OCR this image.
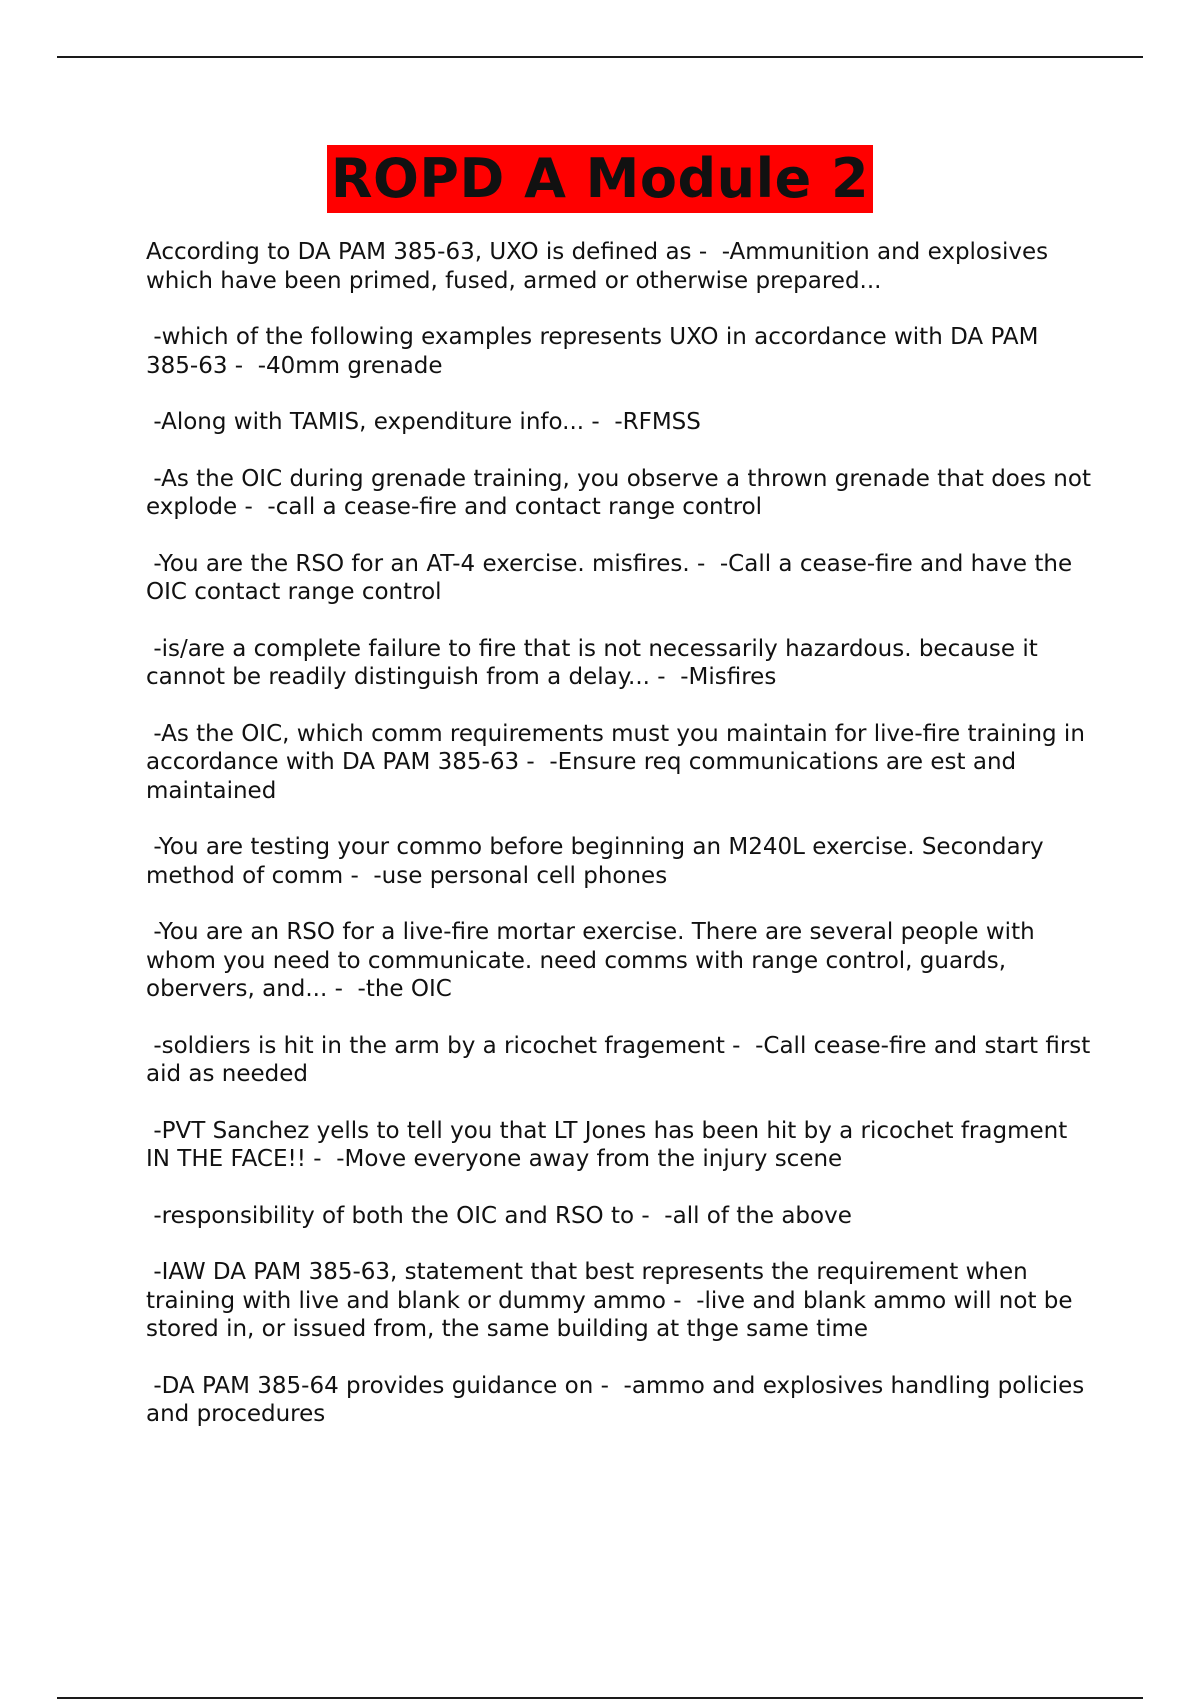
ROPD A Module 2

According to DA PAM 385-63, UXO is defined as -  -Ammunition and explosives which have been primed, fused, armed or otherwise prepared...

-which of the following examples represents UXO in accordance with DA PAM 385-63 -  -40mm grenade

-Along with TAMIS, expenditure info... -  -RFMSS

-As the OIC during grenade training, you observe a thrown grenade that does not explode -  -call a cease-fire and contact range control

-You are the RSO for an AT-4 exercise. misfires. -  -Call a cease-fire and have the OIC contact range control

-is/are a complete failure to fire that is not necessarily hazardous. because it cannot be readily distinguish from a delay... -  -Misfires

-As the OIC, which comm requirements must you maintain for live-fire training in accordance with DA PAM 385-63 -  -Ensure req communications are est and maintained

-You are testing your commo before beginning an M240L exercise. Secondary method of comm -  -use personal cell phones

-You are an RSO for a live-fire mortar exercise. There are several people with whom you need to communicate. need comms with range control, guards, obervers, and... -  -the OIC

-soldiers is hit in the arm by a ricochet fragement -  -Call cease-fire and start first aid as needed

-PVT Sanchez yells to tell you that LT Jones has been hit by a ricochet fragment IN THE FACE!! -  -Move everyone away from the injury scene

-responsibility of both the OIC and RSO to -  -all of the above

-IAW DA PAM 385-63, statement that best represents the requirement when training with live and blank or dummy ammo -  -live and blank ammo will not be stored in, or issued from, the same building at thge same time

-DA PAM 385-64 provides guidance on -  -ammo and explosives handling policies and procedures
